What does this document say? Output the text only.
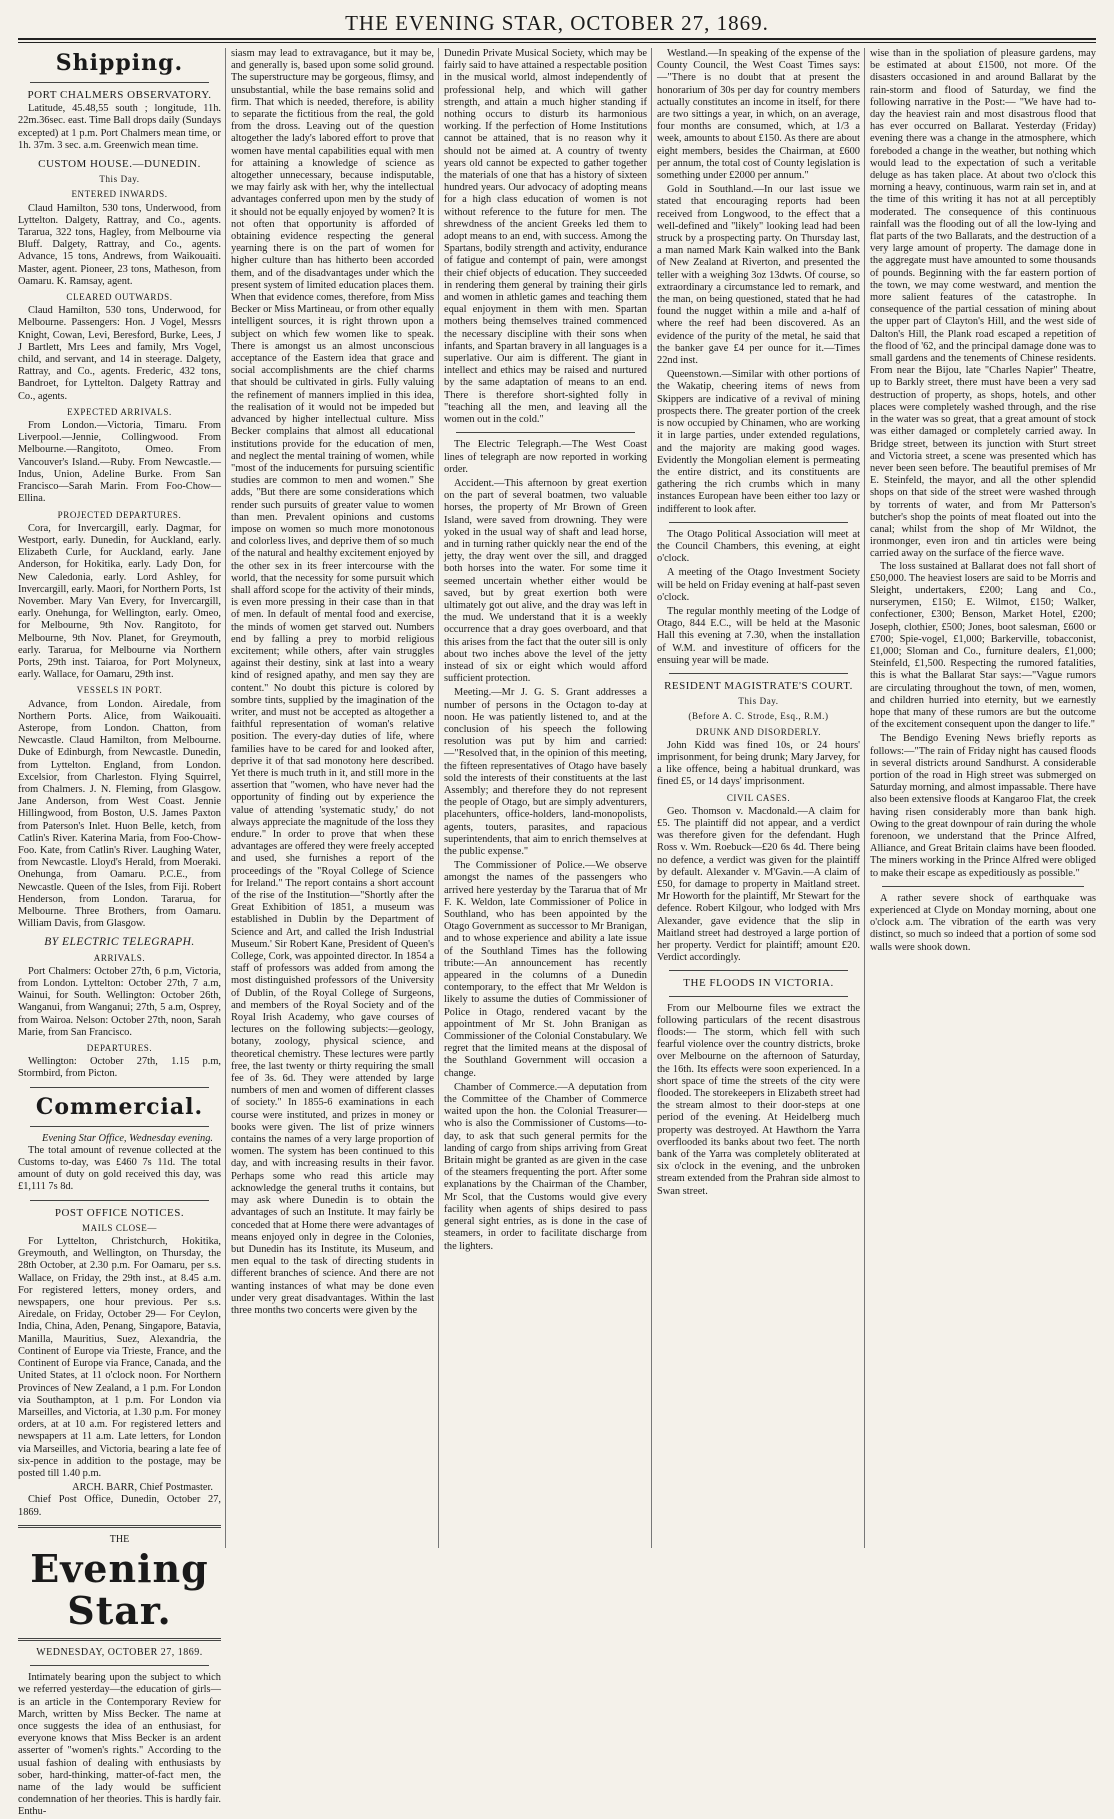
THE EVENING STAR, OCTOBER 27, 1869.
Shipping.
PORT CHALMERS OBSERVATORY.

Latitude, 45.48,55 south ; longitude, 11h. 22m.36sec. east. Time Ball drops daily (Sundays excepted) at 1 p.m. Port Chalmers mean time, or 1h. 37m. 3 sec. a.m. Greenwich mean time.

CUSTOM HOUSE.—DUNEDIN.
This Day.
ENTERED INWARDS.

Claud Hamilton, 530 tons, Underwood, from Lyttelton. Dalgety, Rattray, and Co., agents. Tararua, 322 tons, Hagley, from Melbourne via Bluff. Dalgety, Rattray, and Co., agents. Advance, 15 tons, Andrews, from Waikouaiti. Master, agent. Pioneer, 23 tons, Matheson, from Oamaru. K. Ramsay, agent.

CLEARED OUTWARDS.

Claud Hamilton, 530 tons, Underwood, for Melbourne. Passengers: Hon. J Vogel, Messrs Knight, Cowan, Levi, Beresford, Burke, Lees, J J Bartlett, Mrs Lees and family, Mrs Vogel, child, and servant, and 14 in steerage. Dalgety, Rattray, and Co., agents. Frederic, 432 tons, Bandroet, for Lyttelton. Dalgety Rattray and Co., agents.

EXPECTED ARRIVALS.

From London.—Victoria, Timaru. From Liverpool.—Jennie, Collingwood. From Melbourne.—Rangitoto, Omeo. From Vancouver's Island.—Ruby. From Newcastle.—Indus, Union, Adeline Burke. From San Francisco—Sarah Marin. From Foo-Chow—Ellina.

PROJECTED DEPARTURES.

Cora, for Invercargill, early. Dagmar, for Westport, early. Dunedin, for Auckland, early. Elizabeth Curle, for Auckland, early. Jane Anderson, for Hokitika, early. Lady Don, for New Caledonia, early. Lord Ashley, for Invercargill, early. Maori, for Northern Ports, 1st November. Mary Van Every, for Invercargill, early. Onehunga, for Wellington, early. Omeo, for Melbourne, 9th Nov. Rangitoto, for Melbourne, 9th Nov. Planet, for Greymouth, early. Tararua, for Melbourne via Northern Ports, 29th inst. Taiaroa, for Port Molyneux, early. Wallace, for Oamaru, 29th inst.

VESSELS IN PORT.

Advance, from London. Airedale, from Northern Ports. Alice, from Waikouaiti. Asterope, from London. Chatton, from Newcastle. Claud Hamilton, from Melbourne. Duke of Edinburgh, from Newcastle. Dunedin, from Lyttelton. England, from London. Excelsior, from Charleston. Flying Squirrel, from Chalmers. J. N. Fleming, from Glasgow. Jane Anderson, from West Coast. Jennie Hillingwood, from Boston, U.S. James Paxton from Paterson's Inlet. Huon Belle, ketch, from Catlin's River. Katerina Maria, from Foo-Chow-Foo. Kate, from Catlin's River. Laughing Water, from Newcastle. Lloyd's Herald, from Moeraki. Onehunga, from Oamaru. P.C.E., from Newcastle. Queen of the Isles, from Fiji. Robert Henderson, from London. Tararua, for Melbourne. Three Brothers, from Oamaru. William Davis, from Glasgow.

BY ELECTRIC TELEGRAPH.
ARRIVALS.

Port Chalmers: October 27th, 6 p.m, Victoria, from London. Lyttelton: October 27th, 7 a.m, Wainui, for South. Wellington: October 26th, Wanganui, from Wanganui; 27th, 5 a.m, Osprey, from Wairoa. Nelson: October 27th, noon, Sarah Marie, from San Francisco.

DEPARTURES.

Wellington: October 27th, 1.15 p.m, Stormbird, from Picton.

Commercial.
Evening Star Office, Wednesday evening.

The total amount of revenue collected at the Customs to-day, was £460 7s 11d. The total amount of duty on gold received this day, was £1,111 7s 8d.

POST OFFICE NOTICES.
MAILS CLOSE—

For Lyttelton, Christchurch, Hokitika, Greymouth, and Wellington, on Thursday, the 28th October, at 2.30 p.m. For Oamaru, per s.s. Wallace, on Friday, the 29th inst., at 8.45 a.m. For registered letters, money orders, and newspapers, one hour previous. Per s.s. Airedale, on Friday, October 29— For Ceylon, India, China, Aden, Penang, Singapore, Batavia, Manilla, Mauritius, Suez, Alexandria, the Continent of Europe via Trieste, France, and the Continent of Europe via France, Canada, and the United States, at 11 o'clock noon. For Northern Provinces of New Zealand, a 1 p.m. For London via Southampton, at 1 p.m. For London via Marseilles, and Victoria, at 1.30 p.m. For money orders, at at 10 a.m. For registered letters and newspapers at 11 a.m. Late letters, for London via Marseilles, and Victoria, bearing a late fee of six-pence in addition to the postage, may be posted till 1.40 p.m.

ARCH. BARR, Chief Postmaster.

Chief Post Office, Dunedin, October 27, 1869.

THE
Evening Star.
WEDNESDAY, OCTOBER 27, 1869.

Intimately bearing upon the subject to which we referred yesterday—the education of girls—is an article in the Contemporary Review for March, written by Miss Becker. The name at once suggests the idea of an enthusiast, for everyone knows that Miss Becker is an ardent asserter of "women's rights." According to the usual fashion of dealing with enthusiasts by sober, hard-thinking, matter-of-fact men, the name of the lady would be sufficient condemnation of her theories. This is hardly fair. Enthu-

siasm may lead to extravagance, but it may be, and generally is, based upon some solid ground. The superstructure may be gorgeous, flimsy, and unsubstantial, while the base remains solid and firm. That which is needed, therefore, is ability to separate the fictitious from the real, the gold from the dross. Leaving out of the question altogether the lady's labored effort to prove that women have mental capabilities equal with men for attaining a knowledge of science as altogether unnecessary, because indisputable, we may fairly ask with her, why the intellectual advantages conferred upon men by the study of it should not be equally enjoyed by women? It is not often that opportunity is afforded of obtaining evidence respecting the general yearning there is on the part of women for higher culture than has hitherto been accorded them, and of the disadvantages under which the present system of limited education places them. When that evidence comes, therefore, from Miss Becker or Miss Martineau, or from other equally intelligent sources, it is right thrown upon a subject on which few women like to speak. There is amongst us an almost unconscious acceptance of the Eastern idea that grace and social accomplishments are the chief charms that should be cultivated in girls. Fully valuing the refinement of manners implied in this idea, the realisation of it would not be impeded but advanced by higher intellectual culture. Miss Becker complains that almost all educational institutions provide for the education of men, and neglect the mental training of women, while "most of the inducements for pursuing scientific studies are common to men and women." She adds, "But there are some considerations which render such pursuits of greater value to women than men. Prevalent opinions and customs impose on women so much more monotonous and colorless lives, and deprive them of so much of the natural and healthy excitement enjoyed by the other sex in its freer intercourse with the world, that the necessity for some pursuit which shall afford scope for the activity of their minds, is even more pressing in their case than in that of men. In default of mental food and exercise, the minds of women get starved out. Numbers end by falling a prey to morbid religious excitement; while others, after vain struggles against their destiny, sink at last into a weary kind of resigned apathy, and men say they are content." No doubt this picture is colored by sombre tints, supplied by the imagination of the writer, and must not be accepted as altogether a faithful representation of woman's relative position. The every-day duties of life, where families have to be cared for and looked after, deprive it of that sad monotony here described. Yet there is much truth in it, and still more in the assertion that "women, who have never had the opportunity of finding out by experience the value of attending 'systematic study,' do not always appreciate the magnitude of the loss they endure." In order to prove that when these advantages are offered they were freely accepted and used, she furnishes a report of the proceedings of the "Royal College of Science for Ireland." The report contains a short account of the rise of the Institution—"Shortly after the Great Exhibition of 1851, a museum was established in Dublin by the Department of Science and Art, and called the Irish Industrial Museum.' Sir Robert Kane, President of Queen's College, Cork, was appointed director. In 1854 a staff of professors was added from among the most distinguished professors of the University of Dublin, of the Royal College of Surgeons, and members of the Royal Society and of the Royal Irish Academy, who gave courses of lectures on the following subjects:—geology, botany, zoology, physical science, and theoretical chemistry. These lectures were partly free, the last twenty or thirty requiring the small fee of 3s. 6d. They were attended by large numbers of men and women of different classes of society." In 1855-6 examinations in each course were instituted, and prizes in money or books were given. The list of prize winners contains the names of a very large proportion of women. The system has been continued to this day, and with increasing results in their favor. Perhaps some who read this article may acknowledge the general truths it contains, but may ask where Dunedin is to obtain the advantages of such an Institute. It may fairly be conceded that at Home there were advantages of means enjoyed only in degree in the Colonies, but Dunedin has its Institute, its Museum, and men equal to the task of directing students in different branches of science. And there are not wanting instances of what may be done even under very great disadvantages. Within the last three months two concerts were given by the

Dunedin Private Musical Society, which may be fairly said to have attained a respectable position in the musical world, almost independently of professional help, and which will gather strength, and attain a much higher standing if nothing occurs to disturb its harmonious working. If the perfection of Home Institutions cannot be attained, that is no reason why it should not be aimed at. A country of twenty years old cannot be expected to gather together the materials of one that has a history of sixteen hundred years. Our advocacy of adopting means for a high class education of women is not without reference to the future for men. The shrewdness of the ancient Greeks led them to adopt means to an end, with success. Among the Spartans, bodily strength and activity, endurance of fatigue and contempt of pain, were amongst their chief objects of education. They succeeded in rendering them general by training their girls and women in athletic games and teaching them equal enjoyment in them with men. Spartan mothers being themselves trained commenced the necessary discipline with their sons when infants, and Spartan bravery in all languages is a superlative. Our aim is different. The giant in intellect and ethics may be raised and nurtured by the same adaptation of means to an end. There is therefore short-sighted folly in "teaching all the men, and leaving all the women out in the cold."

The Electric Telegraph.—The West Coast lines of telegraph are now reported in working order.

Accident.—This afternoon by great exertion on the part of several boatmen, two valuable horses, the property of Mr Brown of Green Island, were saved from drowning. They were yoked in the usual way of shaft and lead horse, and in turning rather quickly near the end of the jetty, the dray went over the sill, and dragged both horses into the water. For some time it seemed uncertain whether either would be saved, but by great exertion both were ultimately got out alive, and the dray was left in the mud. We understand that it is a weekly occurrence that a dray goes overboard, and that this arises from the fact that the outer sill is only about two inches above the level of the jetty instead of six or eight which would afford sufficient protection.

Meeting.—Mr J. G. S. Grant addresses a number of persons in the Octagon to-day at noon. He was patiently listened to, and at the conclusion of his speech the following resolution was put by him and carried:—"Resolved that, in the opinion of this meeting, the fifteen representatives of Otago have basely sold the interests of their constituents at the last Assembly; and therefore they do not represent the people of Otago, but are simply adventurers, placehunters, office-holders, land-monopolists, agents, touters, parasites, and rapacious superintendents, that aim to enrich themselves at the public expense."

The Commissioner of Police.—We observe amongst the names of the passengers who arrived here yesterday by the Tararua that of Mr F. K. Weldon, late Commissioner of Police in Southland, who has been appointed by the Otago Government as successor to Mr Branigan, and to whose experience and ability a late issue of the Southland Times has the following tribute:—An announcement has recently appeared in the columns of a Dunedin contemporary, to the effect that Mr Weldon is likely to assume the duties of Commissioner of Police in Otago, rendered vacant by the appointment of Mr St. John Branigan as Commissioner of the Colonial Constabulary. We regret that the limited means at the disposal of the Southland Government will occasion a change.

Chamber of Commerce.—A deputation from the Committee of the Chamber of Commerce waited upon the hon. the Colonial Treasurer—who is also the Commissioner of Customs—to-day, to ask that such general permits for the landing of cargo from ships arriving from Great Britain might be granted as are given in the case of the steamers frequenting the port. After some explanations by the Chairman of the Chamber, Mr Scol, that the Customs would give every facility when agents of ships desired to pass general sight entries, as is done in the case of steamers, in order to facilitate discharge from the lighters.

Westland.—In speaking of the expense of the County Council, the West Coast Times says:—"There is no doubt that at present the honorarium of 30s per day for country members actually constitutes an income in itself, for there are two sittings a year, in which, on an average, four months are consumed, which, at 1/3 a week, amounts to about £150. As there are about eight members, besides the Chairman, at £600 per annum, the total cost of County legislation is something under £2000 per annum."

Gold in Southland.—In our last issue we stated that encouraging reports had been received from Longwood, to the effect that a well-defined and "likely" looking lead had been struck by a prospecting party. On Thursday last, a man named Mark Kain walked into the Bank of New Zealand at Riverton, and presented the teller with a weighing 3oz 13dwts. Of course, so extraordinary a circumstance led to remark, and the man, on being questioned, stated that he had found the nugget within a mile and a-half of where the reef had been discovered. As an evidence of the purity of the metal, he said that the banker gave £4 per ounce for it.—Times 22nd inst.

Queenstown.—Similar with other portions of the Wakatip, cheering items of news from Skippers are indicative of a revival of mining prospects there. The greater portion of the creek is now occupied by Chinamen, who are working it in large parties, under extended regulations, and the majority are making good wages. Evidently the Mongolian element is permeating the entire district, and its constituents are gathering the rich crumbs which in many instances European have been either too lazy or indifferent to look after.

The Otago Political Association will meet at the Council Chambers, this evening, at eight o'clock.

A meeting of the Otago Investment Society will be held on Friday evening at half-past seven o'clock.

The regular monthly meeting of the Lodge of Otago, 844 E.C., will be held at the Masonic Hall this evening at 7.30, when the installation of W.M. and investiture of officers for the ensuing year will be made.

RESIDENT MAGISTRATE'S COURT.
This Day.
(Before A. C. Strode, Esq., R.M.)
DRUNK AND DISORDERLY.

John Kidd was fined 10s, or 24 hours' imprisonment, for being drunk; Mary Jarvey, for a like offence, being a habitual drunkard, was fined £5, or 14 days' imprisonment.

CIVIL CASES.

Geo. Thomson v. Macdonald.—A claim for £5. The plaintiff did not appear, and a verdict was therefore given for the defendant. Hugh Ross v. Wm. Roebuck—£20 6s 4d. There being no defence, a verdict was given for the plaintiff by default. Alexander v. M'Gavin.—A claim of £50, for damage to property in Maitland street. Mr Howorth for the plaintiff, Mr Stewart for the defence. Robert Kilgour, who lodged with Mrs Alexander, gave evidence that the slip in Maitland street had destroyed a large portion of her property. Verdict for plaintiff; amount £20. Verdict accordingly.

THE FLOODS IN VICTORIA.

From our Melbourne files we extract the following particulars of the recent disastrous floods:— The storm, which fell with such fearful violence over the country districts, broke over Melbourne on the afternoon of Saturday, the 16th. Its effects were soon experienced. In a short space of time the streets of the city were flooded. The storekeepers in Elizabeth street had the stream almost to their door-steps at one period of the evening. At Heidelberg much property was destroyed. At Hawthorn the Yarra overflooded its banks about two feet. The north bank of the Yarra was completely obliterated at six o'clock in the evening, and the unbroken stream extended from the Prahran side almost to Swan street.

wise than in the spoliation of pleasure gardens, may be estimated at about £1500, not more. Of the disasters occasioned in and around Ballarat by the rain-storm and flood of Saturday, we find the following narrative in the Post:— "We have had to-day the heaviest rain and most disastrous flood that has ever occurred on Ballarat. Yesterday (Friday) evening there was a change in the atmosphere, which foreboded a change in the weather, but nothing which would lead to the expectation of such a veritable deluge as has taken place. At about two o'clock this morning a heavy, continuous, warm rain set in, and at the time of this writing it has not at all perceptibly moderated. The consequence of this continuous rainfall was the flooding out of all the low-lying and flat parts of the two Ballarats, and the destruction of a very large amount of property. The damage done in the aggregate must have amounted to some thousands of pounds. Beginning with the far eastern portion of the town, we may come westward, and mention the more salient features of the catastrophe. In consequence of the partial cessation of mining about the upper part of Clayton's Hill, and the west side of Dalton's Hill, the Plank road escaped a repetition of the flood of '62, and the principal damage done was to small gardens and the tenements of Chinese residents. From near the Bijou, late "Charles Napier" Theatre, up to Barkly street, there must have been a very sad destruction of property, as shops, hotels, and other places were completely washed through, and the rise in the water was so great, that a great amount of stock was either damaged or completely carried away. In Bridge street, between its junction with Sturt street and Victoria street, a scene was presented which has never been seen before. The beautiful premises of Mr E. Steinfeld, the mayor, and all the other splendid shops on that side of the street were washed through by torrents of water, and from Mr Patterson's butcher's shop the points of meat floated out into the canal; whilst from the shop of Mr Wildnot, the ironmonger, even iron and tin articles were being carried away on the surface of the fierce wave.

The loss sustained at Ballarat does not fall short of £50,000. The heaviest losers are said to be Morris and Sleight, undertakers, £200; Lang and Co., nurserymen, £150; E. Wilmot, £150; Walker, confectioner, £300; Benson, Market Hotel, £200; Joseph, clothier, £500; Jones, boot salesman, £600 or £700; Spie-vogel, £1,000; Barkerville, tobacconist, £1,000; Sloman and Co., furniture dealers, £1,000; Steinfeld, £1,500. Respecting the rumored fatalities, this is what the Ballarat Star says:—"Vague rumors are circulating throughout the town, of men, women, and children hurried into eternity, but we earnestly hope that many of these rumors are but the outcome of the excitement consequent upon the danger to life."

The Bendigo Evening News briefly reports as follows:—"The rain of Friday night has caused floods in several districts around Sandhurst. A considerable portion of the road in High street was submerged on Saturday morning, and almost impassable. There have also been extensive floods at Kangaroo Flat, the creek having risen considerably more than bank high. Owing to the great downpour of rain during the whole forenoon, we understand that the Prince Alfred, Alliance, and Great Britain claims have been flooded. The miners working in the Prince Alfred were obliged to make their escape as expeditiously as possible."

A rather severe shock of earthquake was experienced at Clyde on Monday morning, about one o'clock a.m. The vibration of the earth was very distinct, so much so indeed that a portion of some sod walls were shook down.
